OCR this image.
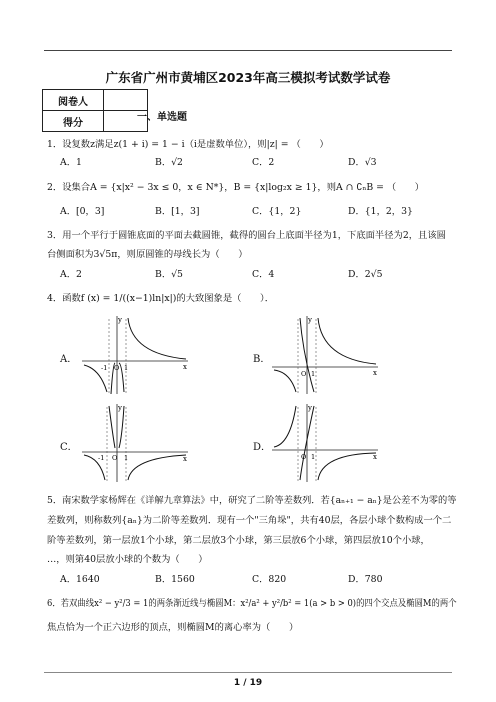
广东省广州市黄埔区2023年高三模拟考试数学试卷
阅卷人	
得分		一、单选题
1．设复数z满足z(1 + i) = 1 − i（i是虚数单位），则|z| = （　　）
A．1	B．√2	C．2	D．√3
2．设集合A = {x|x² − 3x ≤ 0，x ∈ N*}，B = {x|log₂x ≥ 1}，则A ∩ ∁ₙB = （　　）
A．[0，3]	B．[1，3]	C．{1，2}	D．{1，2，3}
3．用一个平行于圆锥底面的平面去截圆锥，截得的圆台上底面半径为1，下底面半径为2，且该圆
台侧面积为3√5π，则原圆锥的母线长为（　　）
A．2	B．√5	C．4	D．2√5
4．函数f (x) = 1/((x−1)ln|x|)的大致图象是（　　）．
A．
y
x
-1 O 1
B．
y
x
O 1
C．
y
x
-1 O 1
D．
y
x
O 1
5．南宋数学家杨辉在《详解九章算法》中，研究了二阶等差数列．若{aₙ₊₁ − aₙ}是公差不为零的等
差数列，则称数列{aₙ}为二阶等差数列．现有一个"三角垛"，共有40层，各层小球个数构成一个二
阶等差数列，第一层放1个小球，第二层放3个小球，第三层放6个小球，第四层放10个小球，
…，则第40层放小球的个数为（　　）
A．1640	B．1560	C．820	D．780
6．若双曲线x² − y²/3 = 1的两条渐近线与椭圆M：x²/a² + y²/b² = 1(a > b > 0)的四个交点及椭圆M的两个
焦点恰为一个正六边形的顶点，则椭圆M的离心率为（　　）
1 / 19
